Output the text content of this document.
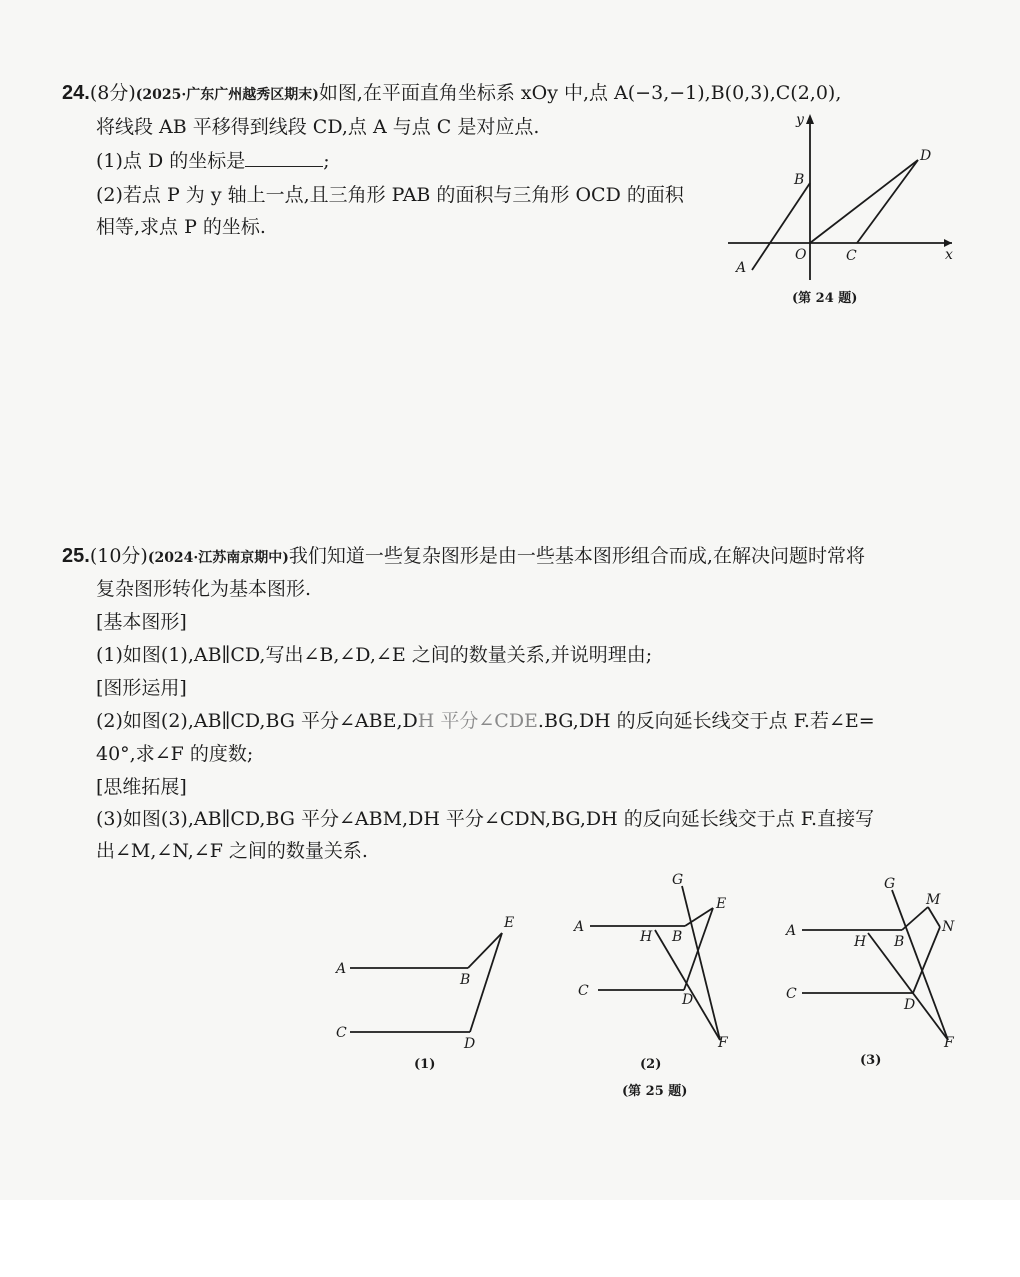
24.(8分)(2025·广东广州越秀区期末)如图,在平面直角坐标系 xOy 中,点 A(−3,−1),B(0,3),C(2,0),
将线段 AB 平移得到线段 CD,点 A 与点 C 是对应点.
(1)点 D 的坐标是	;
(2)若点 P 为 y 轴上一点,且三角形 PAB 的面积与三角形 OCD 的面积
相等,求点 P 的坐标.
y
x
B
D
O	C
A
(第 24 题)
25.(10分)(2024·江苏南京期中)我们知道一些复杂图形是由一些基本图形组合而成,在解决问题时常将
复杂图形转化为基本图形.
[基本图形]
(1)如图(1),AB∥CD,写出∠B,∠D,∠E 之间的数量关系,并说明理由;
[图形运用]
(2)如图(2),AB∥CD,BG 平分∠ABE,DH 平分∠CDE.BG,DH 的反向延长线交于点 F.若∠E=
40°,求∠F 的度数;
[思维拓展]
(3)如图(3),AB∥CD,BG 平分∠ABM,DH 平分∠CDN,BG,DH 的反向延长线交于点 F.直接写
出∠M,∠N,∠F 之间的数量关系.
A
B
E
C
D
(1)
G
E
A
H B
C
D
F
(2)
G
M
N
A
H B
C
D
F
(3)
(第 25 题)
